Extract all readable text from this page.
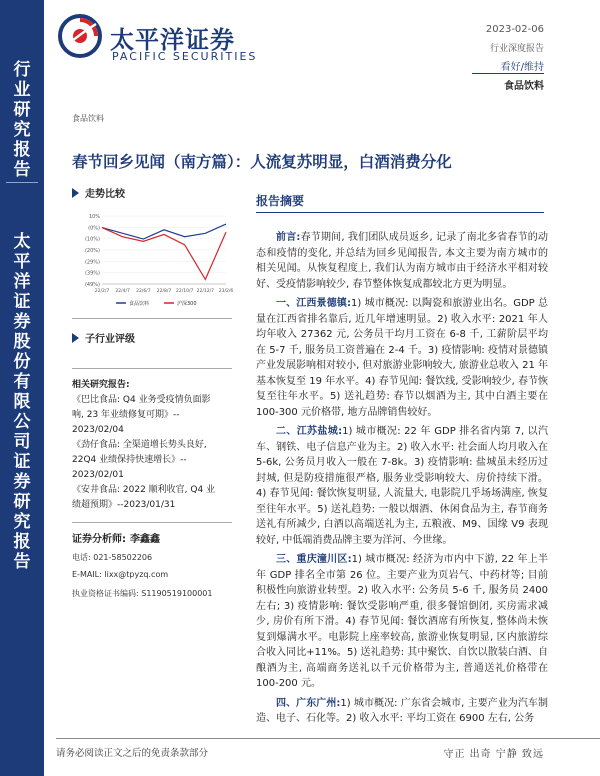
行
业
研
究
报
告
太
平
洋
证
券
股
份
有
限
公
司
证
券
研
究
报
告
太平洋证券
PACIFIC SECURITIES
2023-02-06
行业深度报告
看好/维持
食品饮料
食品饮料
春节回乡见闻（南方篇）：人流复苏明显，白酒消费分化
走势比较
10%
(0%)
(10%)
(20%)
(29%)
(39%)
(49%)
22/2/7 22/4/7 22/6/7 22/8/7 22/10/7 22/12/7 23/2/6
食品饮料	沪深300
子行业评级
相关研究报告:
《巴比食品: Q4 业务受疫情负面影
响, 23 年业绩修复可期》--
2023/02/04
《劲仔食品: 全渠道增长势头良好,
22Q4 业绩保持快速增长》--
2023/02/01
《安井食品: 2022 顺利收官, Q4 业
绩超预期》--2023/01/31
证券分析师: 李鑫鑫
电话: 021-58502206
E-MAIL: lixx@tpyzq.com
执业资格证书编码: S1190519100001
报告摘要

前言:春节期间, 我们团队成员返乡, 记录了南北多省春节的动态和疫情的变化, 并总结为回乡见闻报告, 本文主要为南方城市的相关见闻。从恢复程度上, 我们认为南方城市由于经济水平相对较好、受疫情影响较少, 春节整体恢复成都较北方更为明显。

一、江西景德镇:1) 城市概况: 以陶瓷和旅游业出名。GDP 总量在江西省排名靠后, 近几年增速明显。2) 收入水平: 2021 年人均年收入 27362 元, 公务员干均月工资在 6-8 千, 工薪阶层平均在 5-7 千, 服务员工资普遍在 2-4 千。3) 疫情影响: 疫情对景德镇产业发展影响相对较小, 但对旅游业影响较大, 旅游业总收入 21 年基本恢复至 19 年水平。4) 春节见闻: 餐饮线, 受影响较少, 春节恢复至往年水平。5) 送礼趋势: 春节以烟酒为主, 其中白酒主要在 100-300 元价格带, 地方品牌销售较好。

二、江苏盐城:1) 城市概况: 22 年 GDP 排名省内第 7, 以汽车、钢铁、电子信息产业为主。2) 收入水平: 社会面人均月收入在 5-6k, 公务员月收入一般在 7-8k。3) 疫情影响: 盐城虽未经历过封城, 但是防疫措施很严格, 服务业受影响较大、房价持续下滑。4) 春节见闻: 餐饮恢复明显, 人流量大, 电影院几乎场场满座, 恢复至往年水平。5) 送礼趋势: 一般以烟酒、休闲食品为主, 春节商务送礼有所减少, 白酒以高端送礼为主, 五粮液、M9、国缘 V9 表现较好, 中低端消费品牌主要为洋河、今世缘。

三、重庆潼川区:1) 城市概况: 经济为市内中下游, 22 年上半年 GDP 排名全市第 26 位。主要产业为页岩气、中药材等; 目前积极性向旅游业转型。2) 收入水平: 公务员 5-6 千, 服务员 2400 左右; 3) 疫情影响: 餐饮受影响严重, 很多餐馆倒闭, 买房需求减少, 房价有所下滑。4) 春节见闻: 餐饮酒席有所恢复, 整体尚未恢复到爆满水平。电影院上座率较高, 旅游业恢复明显, 区内旅游综合收入同比+11%。5) 送礼趋势: 其中聚饮、自饮以散装白酒、自酿酒为主, 高端商务送礼以千元价格带为主, 普通送礼价格带在 100-200 元。

四、广东广州:1) 城市概况: 广东省会城市, 主要产业为汽车制造、电子、石化等。2) 收入水平: 平均工资在 6900 左右, 公务

请务必阅读正文之后的免责条款部分	守正 出奇 宁静 致远
